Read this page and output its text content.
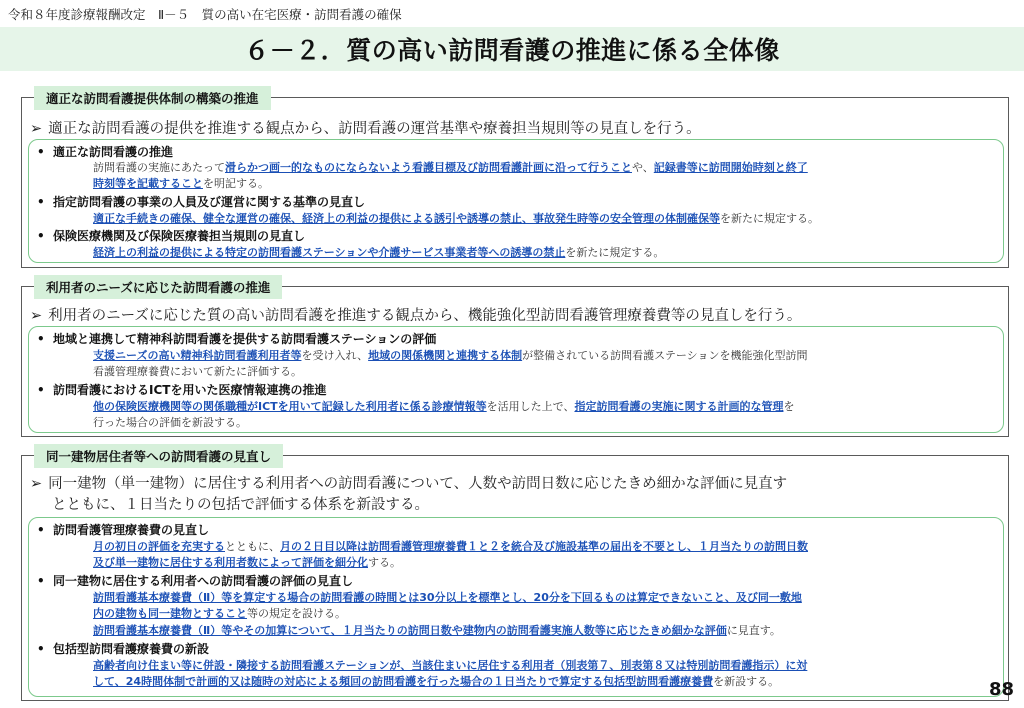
令和８年度診療報酬改定　Ⅱ－５　質の高い在宅医療・訪問看護の確保
６－２．質の高い訪問看護の推進に係る全体像
適正な訪問看護提供体制の構築の推進
➢ 適正な訪問看護の提供を推進する観点から、訪問看護の運営基準や療養担当規則等の見直しを行う。
• 適正な訪問看護の推進
訪問看護の実施にあたって滑らかつ画一的なものにならないよう看護目標及び訪問看護計画に沿って行うことや、記録書等に訪問開始時刻と終了
時刻等を記載することを明記する。
• 指定訪問看護の事業の人員及び運営に関する基準の見直し
適正な手続きの確保、健全な運営の確保、経済上の利益の提供による誘引や誘導の禁止、事故発生時等の安全管理の体制確保等を新たに規定する。
• 保険医療機関及び保険医療養担当規則の見直し
経済上の利益の提供による特定の訪問看護ステーションや介護サービス事業者等への誘導の禁止を新たに規定する。
利用者のニーズに応じた訪問看護の推進
➢ 利用者のニーズに応じた質の高い訪問看護を推進する観点から、機能強化型訪問看護管理療養費等の見直しを行う。
• 地域と連携して精神科訪問看護を提供する訪問看護ステーションの評価
支援ニーズの高い精神科訪問看護利用者等を受け入れ、地域の関係機関と連携する体制が整備されている訪問看護ステーションを機能強化型訪問
看護管理療養費において新たに評価する。
• 訪問看護におけるICTを用いた医療情報連携の推進
他の保険医療機関等の関係職種がICTを用いて記録した利用者に係る診療情報等を活用した上で、指定訪問看護の実施に関する計画的な管理を
行った場合の評価を新設する。
同一建物居住者等への訪問看護の見直し
➢ 同一建物（単一建物）に居住する利用者への訪問看護について、人数や訪問日数に応じたきめ細かな評価に見直す
とともに、１日当たりの包括で評価する体系を新設する。
• 訪問看護管理療養費の見直し
月の初日の評価を充実するとともに、月の２日目以降は訪問看護管理療養費１と２を統合及び施設基準の届出を不要とし、１月当たりの訪問日数
及び単一建物に居住する利用者数によって評価を細分化する。
• 同一建物に居住する利用者への訪問看護の評価の見直し
訪問看護基本療養費（Ⅱ）等を算定する場合の訪問看護の時間とは30分以上を標準とし、20分を下回るものは算定できないこと、及び同一敷地
内の建物も同一建物とすること等の規定を設ける。
訪問看護基本療養費（Ⅱ）等やその加算について、１月当たりの訪問日数や建物内の訪問看護実施人数等に応じたきめ細かな評価に見直す。
• 包括型訪問看護療養費の新設
高齢者向け住まい等に併設・隣接する訪問看護ステーションが、当該住まいに居住する利用者（別表第７、別表第８又は特別訪問看護指示）に対
して、24時間体制で計画的又は随時の対応による頻回の訪問看護を行った場合の１日当たりで算定する包括型訪問看護療養費を新設する。	88
